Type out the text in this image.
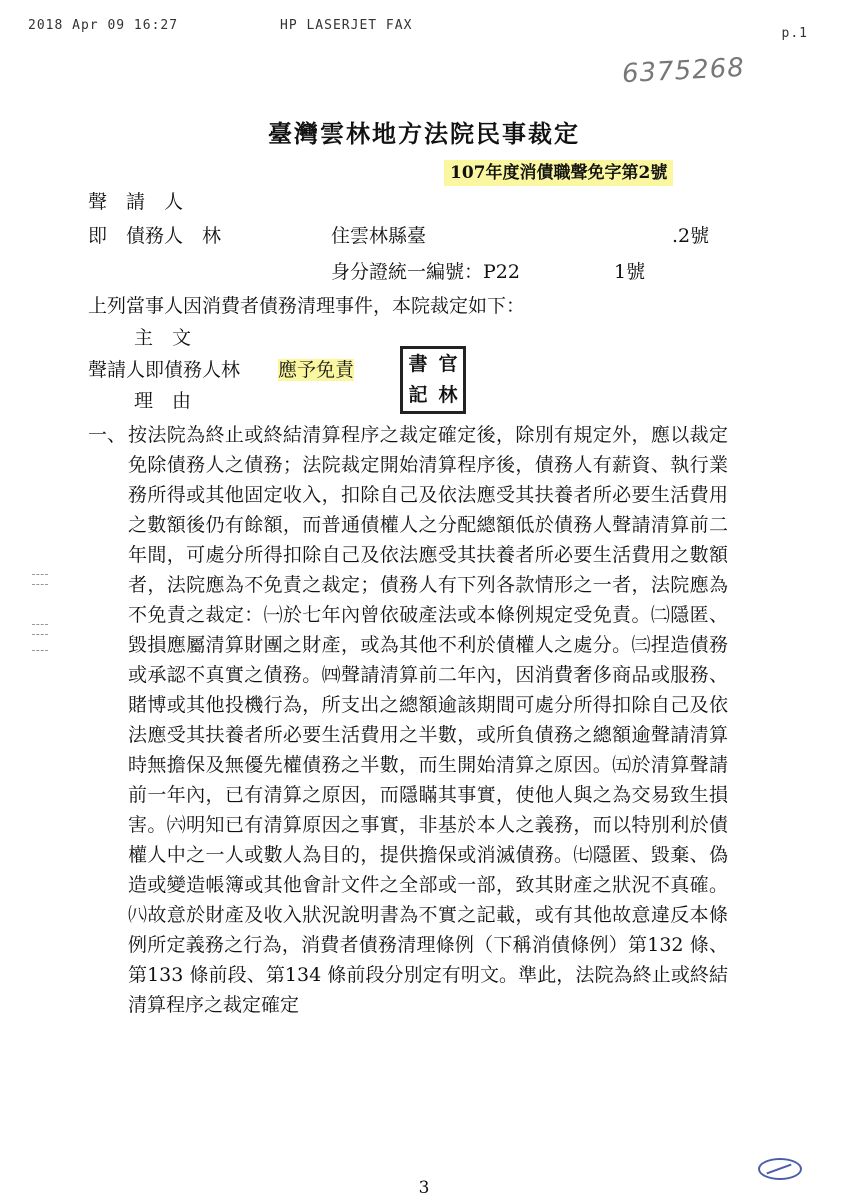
2018 Apr 09 16:27	HP LASERJET FAX
p.1
6375268
臺灣雲林地方法院民事裁定
107年度消債職聲免字第2號
聲　請　人
即　債務人　林	住雲林縣臺	.2號
身分證統一編號：P22	1號
上列當事人因消費者債務清理事件，本院裁定如下：
主　文
聲請人即債務人林　　 應予免責	書 官
記 林
理　由
一、 按法院為終止或終結清算程序之裁定確定後，除別有規定外，應以裁定免除債務人之債務；法院裁定開始清算程序後，債務人有薪資、執行業務所得或其他固定收入，扣除自己及依法應受其扶養者所必要生活費用之數額後仍有餘額，而普通債權人之分配總額低於債務人聲請清算前二年間，可處分所得扣除自己及依法應受其扶養者所必要生活費用之數額者，法院應為不免責之裁定；債務人有下列各款情形之一者，法院應為不免責之裁定：㈠於七年內曾依破產法或本條例規定受免責。㈡隱匿、毀損應屬清算財團之財產，或為其他不利於債權人之處分。㈢捏造債務或承認不真實之債務。㈣聲請清算前二年內，因消費奢侈商品或服務、賭博或其他投機行為，所支出之總額逾該期間可處分所得扣除自己及依法應受其扶養者所必要生活費用之半數，或所負債務之總額逾聲請清算時無擔保及無優先權債務之半數，而生開始清算之原因。㈤於清算聲請前一年內，已有清算之原因，而隱瞞其事實，使他人與之為交易致生損害。㈥明知已有清算原因之事實，非基於本人之義務，而以特別利於債權人中之一人或數人為目的，提供擔保或消滅債務。㈦隱匿、毀棄、偽造或變造帳簿或其他會計文件之全部或一部，致其財產之狀況不真確。㈧故意於財產及收入狀況說明書為不實之記載，或有其他故意違反本條例所定義務之行為，消費者債務清理條例（下稱消債條例）第132 條、第133 條前段、第134 條前段分別定有明文。準此，法院為終止或終結清算程序之裁定確定
3
